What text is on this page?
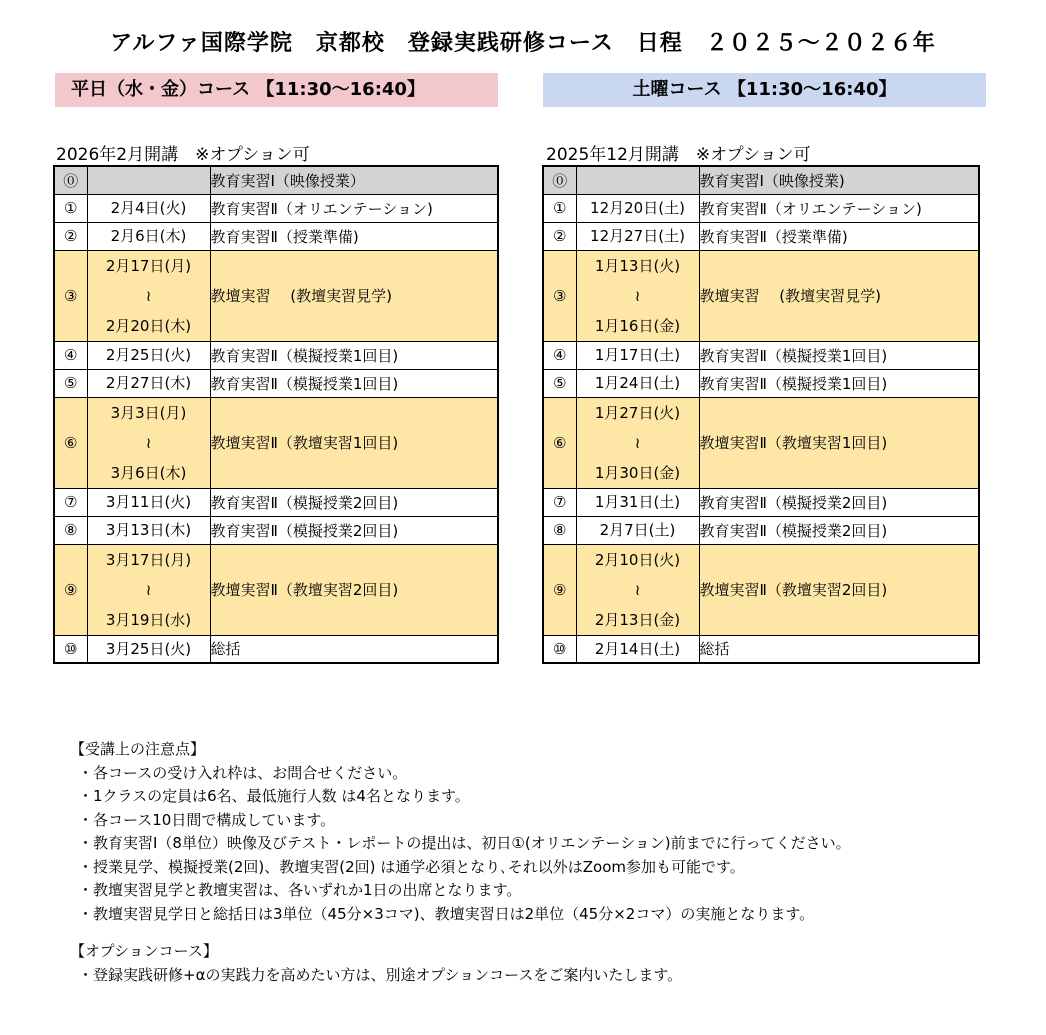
アルファ国際学院　京都校　登録実践研修コース　日程　２０２５～２０２６年
平日（水・金）コース 【11:30～16:40】	土曜コース 【11:30～16:40】
2026年2月開講　※オプション可	2025年12月開講　※オプション可
⓪		教育実習Ⅰ（映像授業）
①	2月4日(火)	教育実習Ⅱ（オリエンテーション)
②	2月6日(木)	教育実習Ⅱ（授業準備)
③	2月17日(月)
≀
2月20日(木)	教壇実習　 (教壇実習見学)
④	2月25日(火)	教育実習Ⅱ（模擬授業1回目)
⑤	2月27日(木)	教育実習Ⅱ（模擬授業1回目)
⑥	3月3日(月)
≀
3月6日(木)	教壇実習Ⅱ（教壇実習1回目)
⑦	3月11日(火)	教育実習Ⅱ（模擬授業2回目)
⑧	3月13日(木)	教育実習Ⅱ（模擬授業2回目)
⑨	3月17日(月)
≀
3月19日(水)	教壇実習Ⅱ（教壇実習2回目)
⑩	3月25日(火)	総括
⓪		教育実習Ⅰ（映像授業)
①	12月20日(土)	教育実習Ⅱ（オリエンテーション)
②	12月27日(土)	教育実習Ⅱ（授業準備)
③	1月13日(火)
≀
1月16日(金)	教壇実習　 (教壇実習見学)
④	1月17日(土)	教育実習Ⅱ（模擬授業1回目)
⑤	1月24日(土)	教育実習Ⅱ（模擬授業1回目)
⑥	1月27日(火)
≀
1月30日(金)	教壇実習Ⅱ（教壇実習1回目)
⑦	1月31日(土)	教育実習Ⅱ（模擬授業2回目)
⑧	2月7日(土)	教育実習Ⅱ（模擬授業2回目)
⑨	2月10日(火)
≀
2月13日(金)	教壇実習Ⅱ（教壇実習2回目)
⑩	2月14日(土)	総括
【受講上の注意点】
・各コースの受け入れ枠は、お問合せください。
・1クラスの定員は6名、最低施行人数 は4名となります。
・各コース10日間で構成しています。
・教育実習Ⅰ（8単位）映像及びテスト・レポートの提出は、初日①(オリエンテーション)前までに行ってください。
・授業見学、模擬授業(2回)、教壇実習(2回) は通学必須となり､それ以外はZoom参加も可能です。
・教壇実習見学と教壇実習は、各いずれか1日の出席となります。
・教壇実習見学日と総括日は3単位（45分×3コマ)、教壇実習日は2単位（45分×2コマ）の実施となります。
【オプションコース】
・登録実践研修+αの実践力を高めたい方は、別途オプションコースをご案内いたします。
